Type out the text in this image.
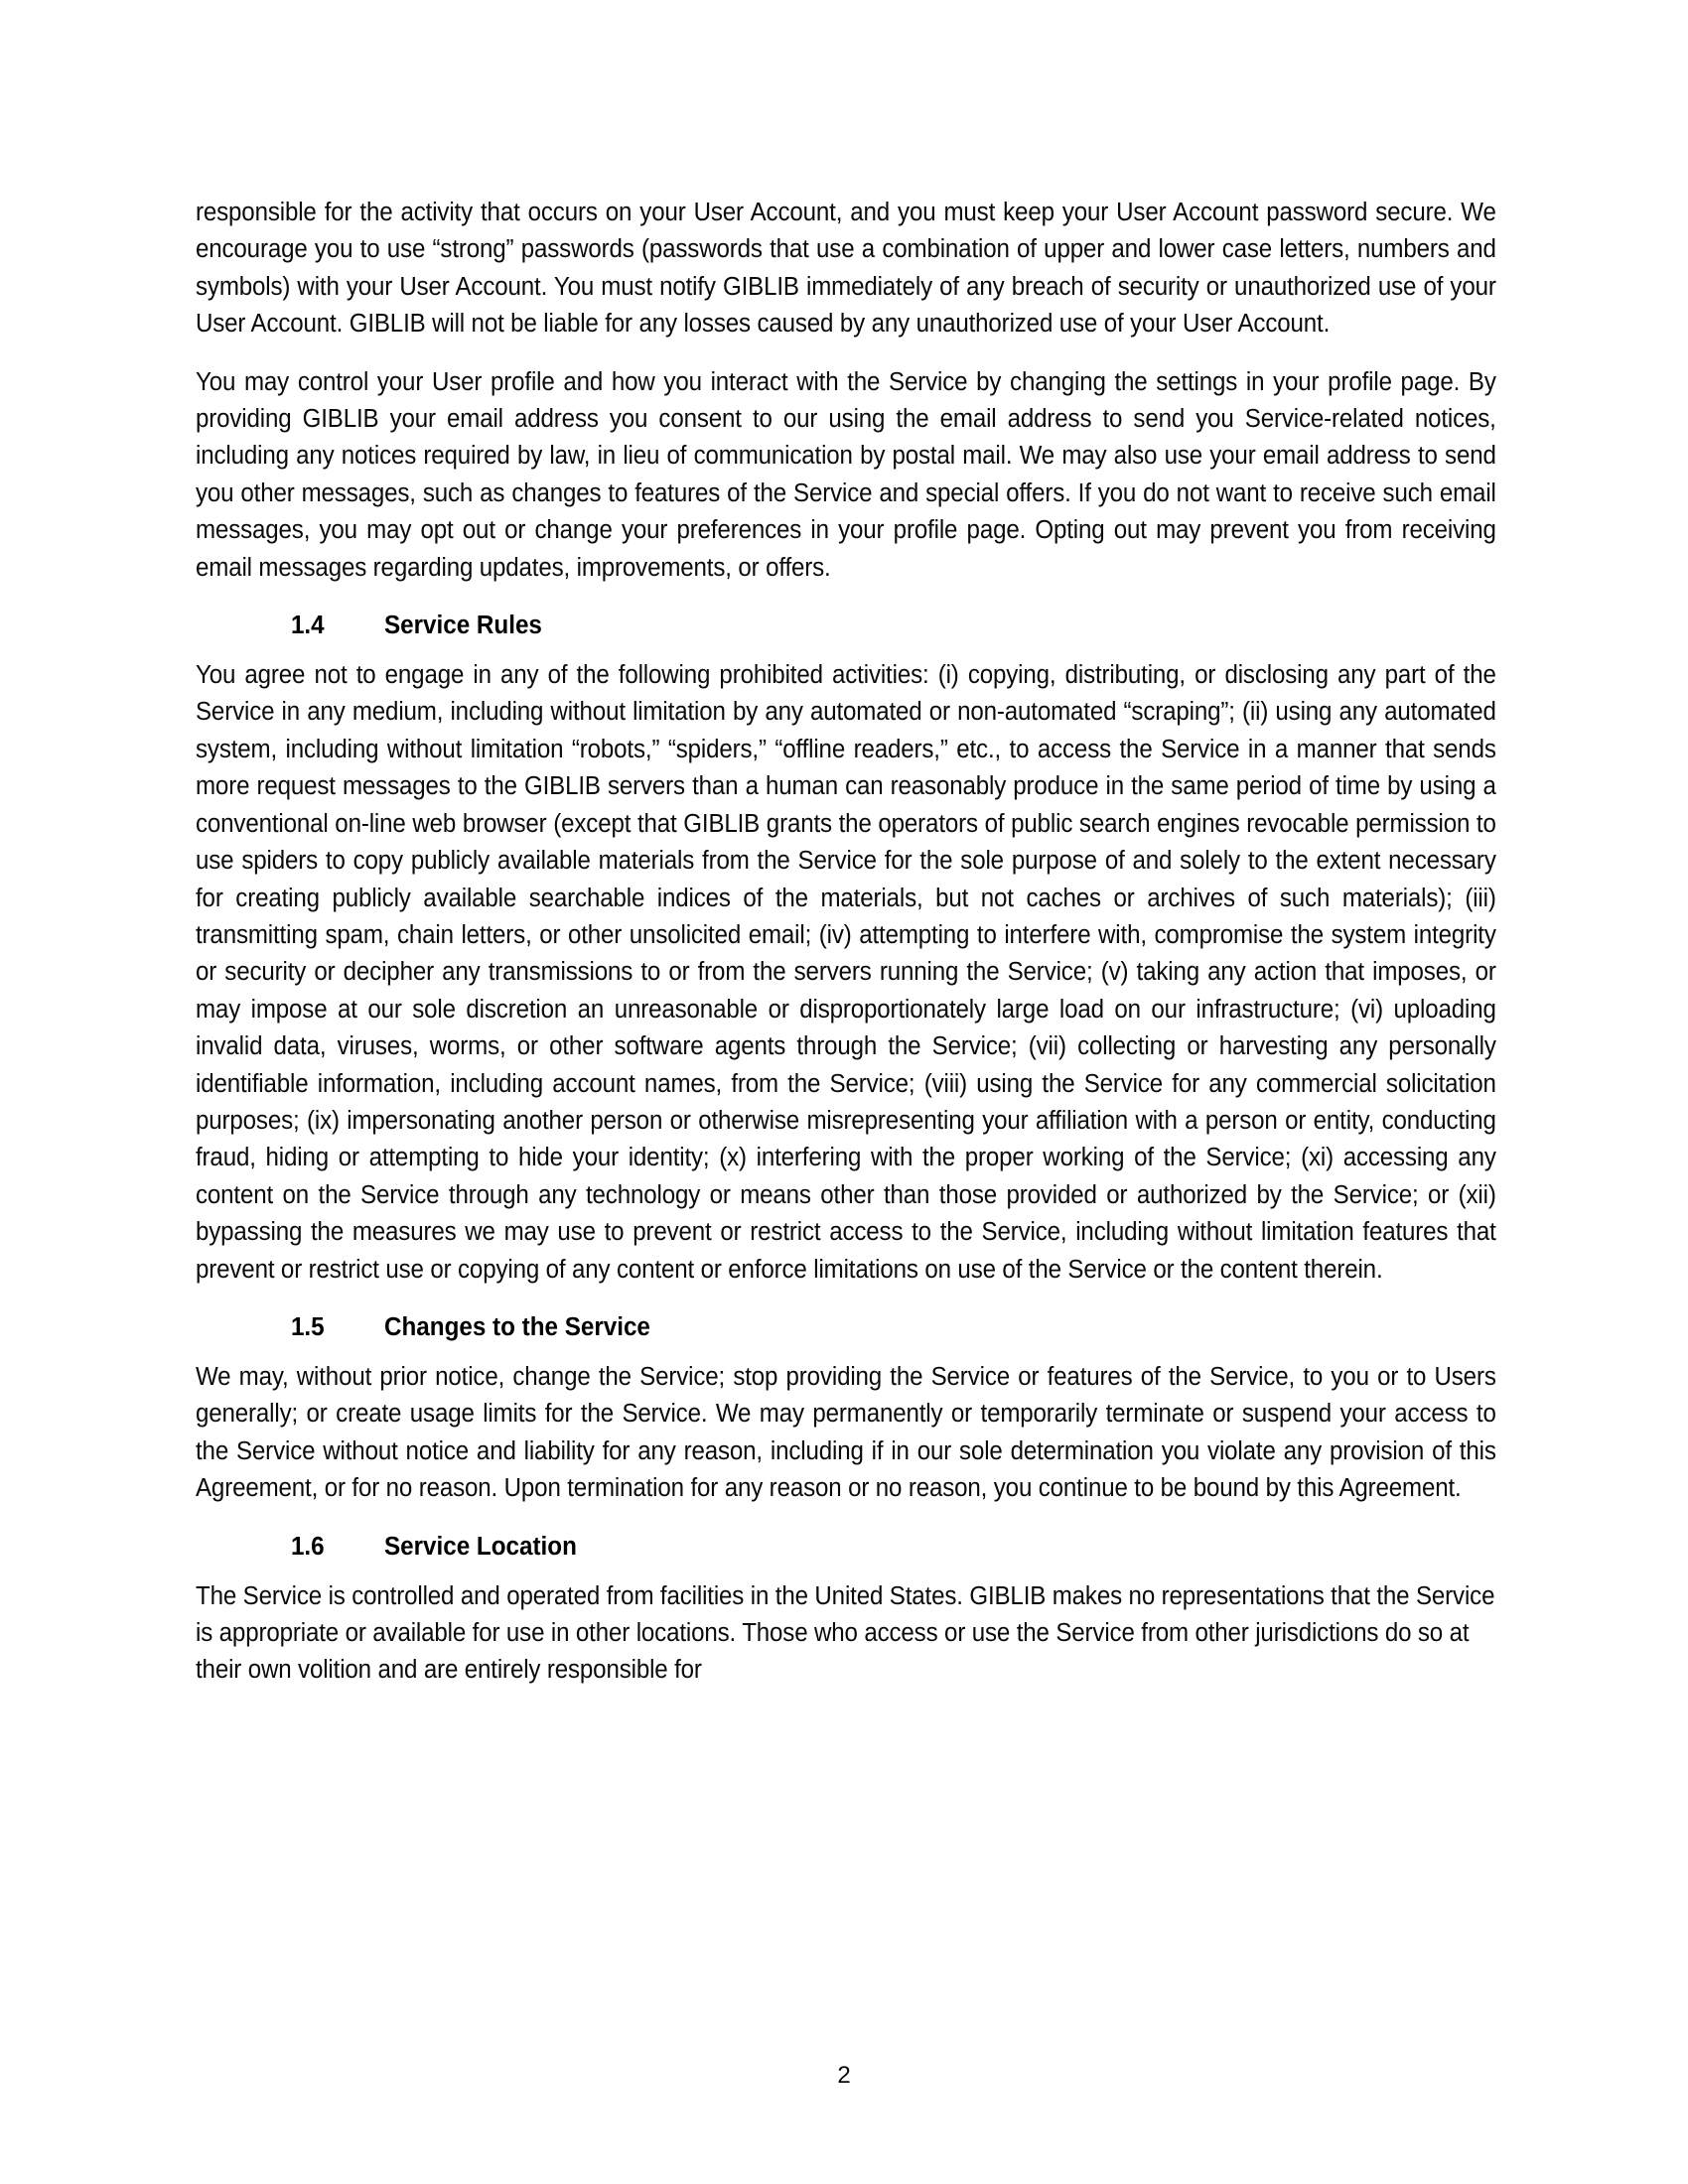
responsible for the activity that occurs on your User Account, and you must keep your User Account password secure. We encourage you to use “strong” passwords (passwords that use a combination of upper and lower case letters, numbers and symbols) with your User Account. You must notify GIBLIB immediately of any breach of security or unauthorized use of your User Account. GIBLIB will not be liable for any losses caused by any unauthorized use of your User Account.

You may control your User profile and how you interact with the Service by changing the settings in your profile page. By providing GIBLIB your email address you consent to our using the email address to send you Service-related notices, including any notices required by law, in lieu of communication by postal mail. We may also use your email address to send you other messages, such as changes to features of the Service and special offers. If you do not want to receive such email messages, you may opt out or change your preferences in your profile page. Opting out may prevent you from receiving email messages regarding updates, improvements, or offers.

1.4 Service Rules

You agree not to engage in any of the following prohibited activities: (i) copying, distributing, or disclosing any part of the Service in any medium, including without limitation by any automated or non-automated “scraping”; (ii) using any automated system, including without limitation “robots,” “spiders,” “offline readers,” etc., to access the Service in a manner that sends more request messages to the GIBLIB servers than a human can reasonably produce in the same period of time by using a conventional on-line web browser (except that GIBLIB grants the operators of public search engines revocable permission to use spiders to copy publicly available materials from the Service for the sole purpose of and solely to the extent necessary for creating publicly available searchable indices of the materials, but not caches or archives of such materials); (iii) transmitting spam, chain letters, or other unsolicited email; (iv) attempting to interfere with, compromise the system integrity or security or decipher any transmissions to or from the servers running the Service; (v) taking any action that imposes, or may impose at our sole discretion an unreasonable or disproportionately large load on our infrastructure; (vi) uploading invalid data, viruses, worms, or other software agents through the Service; (vii) collecting or harvesting any personally identifiable information, including account names, from the Service; (viii) using the Service for any commercial solicitation purposes; (ix) impersonating another person or otherwise misrepresenting your affiliation with a person or entity, conducting fraud, hiding or attempting to hide your identity; (x) interfering with the proper working of the Service; (xi) accessing any content on the Service through any technology or means other than those provided or authorized by the Service; or (xii) bypassing the measures we may use to prevent or restrict access to the Service, including without limitation features that prevent or restrict use or copying of any content or enforce limitations on use of the Service or the content therein.

1.5 Changes to the Service

We may, without prior notice, change the Service; stop providing the Service or features of the Service, to you or to Users generally; or create usage limits for the Service. We may permanently or temporarily terminate or suspend your access to the Service without notice and liability for any reason, including if in our sole determination you violate any provision of this Agreement, or for no reason. Upon termination for any reason or no reason, you continue to be bound by this Agreement.

1.6 Service Location

The Service is controlled and operated from facilities in the United States. GIBLIB makes no representations that the Service is appropriate or available for use in other locations. Those who access or use the Service from other jurisdictions do so at their own volition and are entirely responsible for

2
